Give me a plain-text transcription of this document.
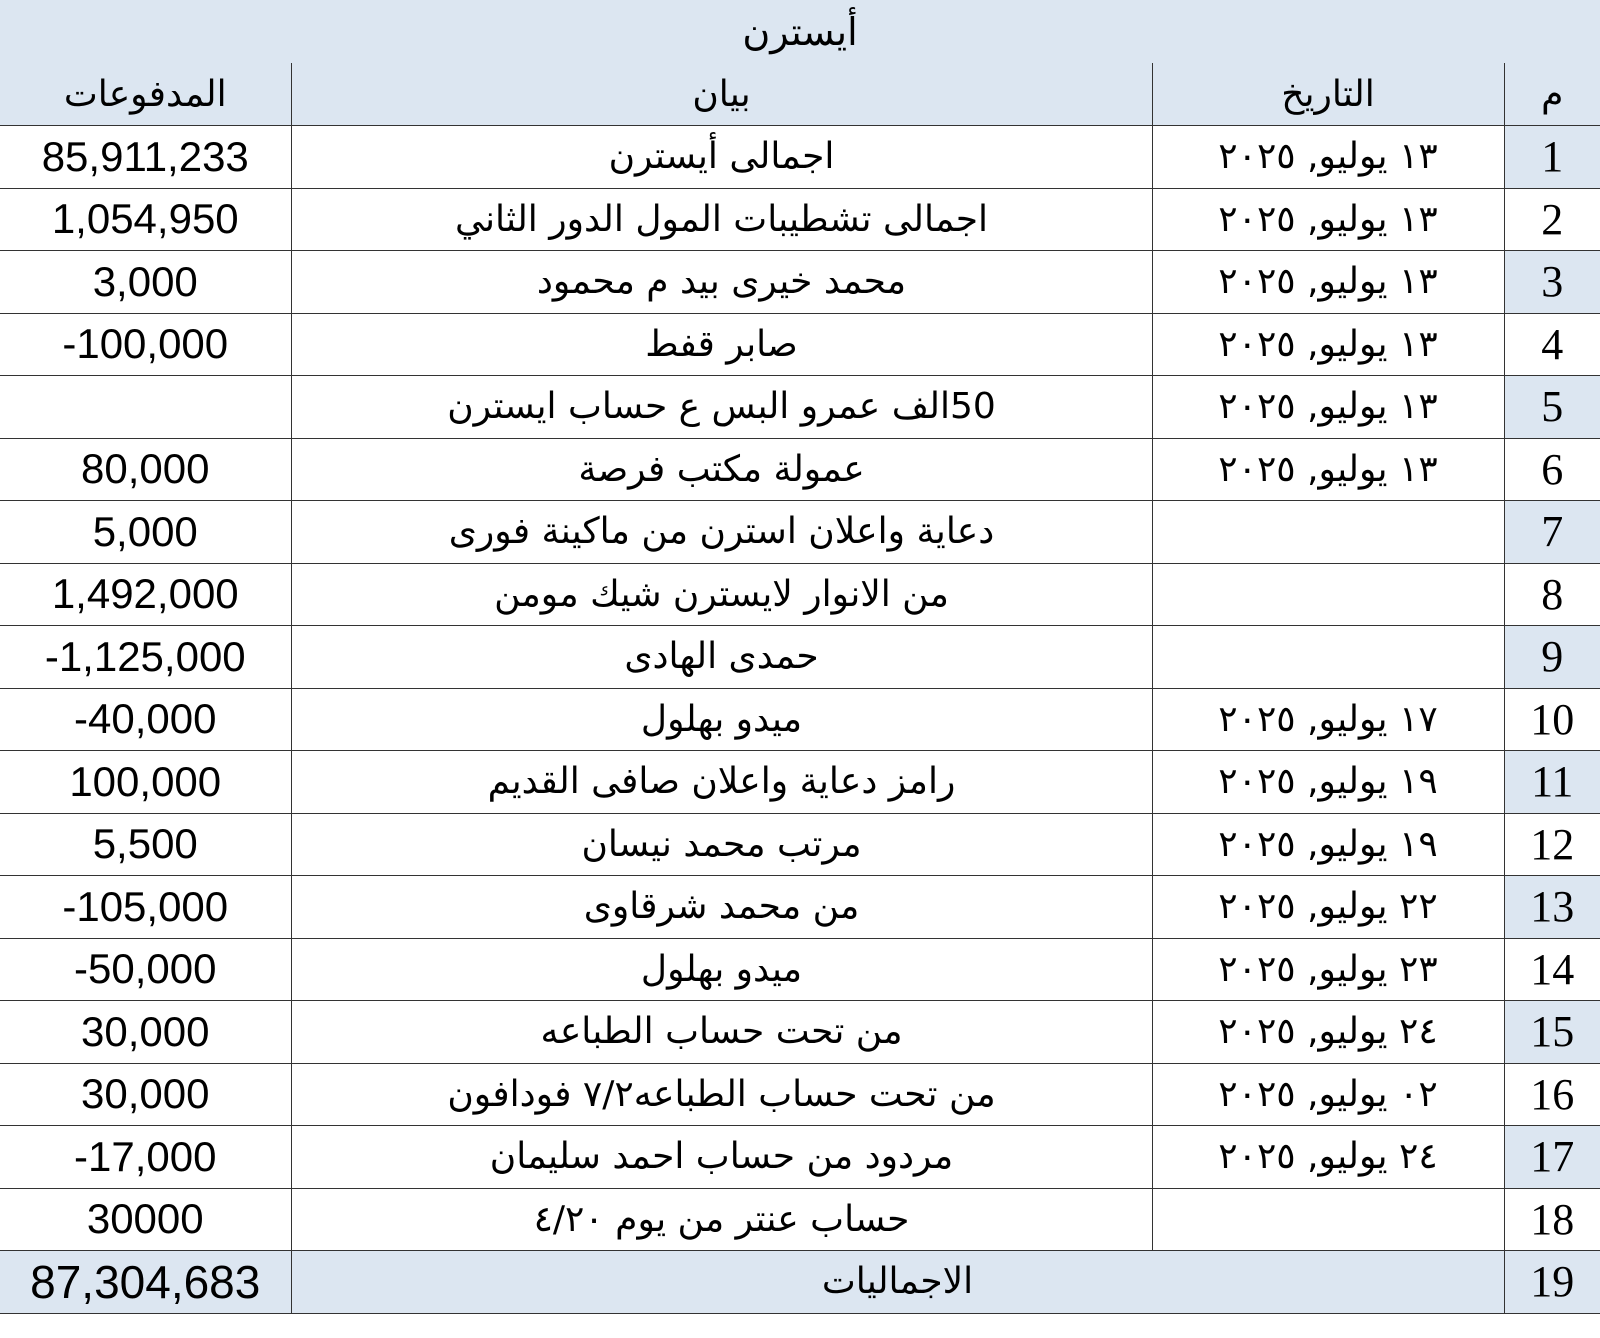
أيسترن
المدفوعات	بيان	التاريخ	م
85,911,233	اجمالى أيسترن	١٣ يوليو, ٢٠٢٥	1
1,054,950	اجمالى تشطيبات المول الدور الثاني	١٣ يوليو, ٢٠٢٥	2
3,000	محمد خيرى بيد م محمود	١٣ يوليو, ٢٠٢٥	3
-100,000	صابر قفط	١٣ يوليو, ٢٠٢٥	4
	50الف عمرو البس ع حساب ايسترن	١٣ يوليو, ٢٠٢٥	5
80,000	عمولة مكتب فرصة	١٣ يوليو, ٢٠٢٥	6
5,000	دعاية واعلان استرن من ماكينة فورى		7
1,492,000	من الانوار لايسترن شيك مومن		8
-1,125,000	حمدى الهادى		9
-40,000	ميدو بهلول	١٧ يوليو, ٢٠٢٥	10
100,000	رامز دعاية واعلان صافى القديم	١٩ يوليو, ٢٠٢٥	11
5,500	مرتب محمد نيسان	١٩ يوليو, ٢٠٢٥	12
-105,000	من محمد شرقاوى	٢٢ يوليو, ٢٠٢٥	13
-50,000	ميدو بهلول	٢٣ يوليو, ٢٠٢٥	14
30,000	من تحت حساب الطباعه	٢٤ يوليو, ٢٠٢٥	15
30,000	من تحت حساب الطباعه٧/٢ فودافون	٠٢ يوليو, ٢٠٢٥	16
-17,000	مردود من حساب احمد سليمان	٢٤ يوليو, ٢٠٢٥	17
30000	حساب عنتر من يوم ٤/٢٠		18
87,304,683	الاجماليات		19
